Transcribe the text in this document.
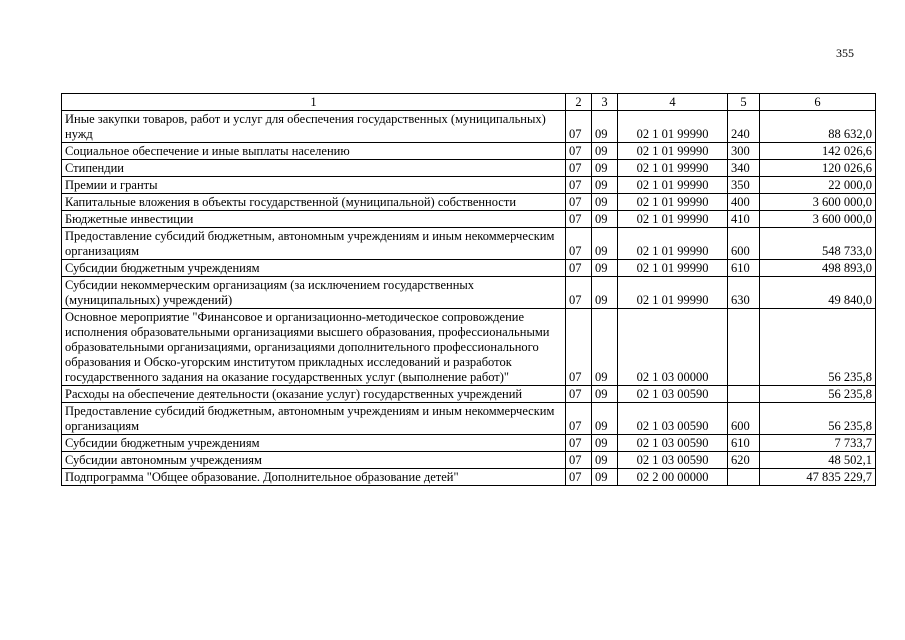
355
1	2	3	4	5	6
Иные закупки товаров, работ и услуг для обеспечения государственных (муниципальных) нужд	07	09	02 1 01 99990	240	88 632,0
Социальное обеспечение и иные выплаты населению	07	09	02 1 01 99990	300	142 026,6
Стипендии	07	09	02 1 01 99990	340	120 026,6
Премии и гранты	07	09	02 1 01 99990	350	22 000,0
Капитальные вложения в объекты государственной (муниципальной) собственности	07	09	02 1 01 99990	400	3 600 000,0
Бюджетные инвестиции	07	09	02 1 01 99990	410	3 600 000,0
Предоставление субсидий бюджетным, автономным учреждениям и иным некоммерческим организациям	07	09	02 1 01 99990	600	548 733,0
Субсидии бюджетным учреждениям	07	09	02 1 01 99990	610	498 893,0
Субсидии некоммерческим организациям (за исключением государственных (муниципальных) учреждений)	07	09	02 1 01 99990	630	49 840,0
Основное мероприятие "Финансовое и организационно-методическое сопровождение исполнения образовательными организациями высшего образования, профессиональными образовательными организациями, организациями дополнительного профессионального образования и Обско-угорским институтом прикладных исследований и разработок государственного задания на оказание государственных услуг (выполнение работ)"	07	09	02 1 03 00000		56 235,8
Расходы на обеспечение деятельности (оказание услуг) государственных учреждений	07	09	02 1 03 00590		56 235,8
Предоставление субсидий бюджетным, автономным учреждениям и иным некоммерческим организациям	07	09	02 1 03 00590	600	56 235,8
Субсидии бюджетным учреждениям	07	09	02 1 03 00590	610	7 733,7
Субсидии автономным учреждениям	07	09	02 1 03 00590	620	48 502,1
Подпрограмма "Общее образование. Дополнительное образование детей"	07	09	02 2 00 00000		47 835 229,7
